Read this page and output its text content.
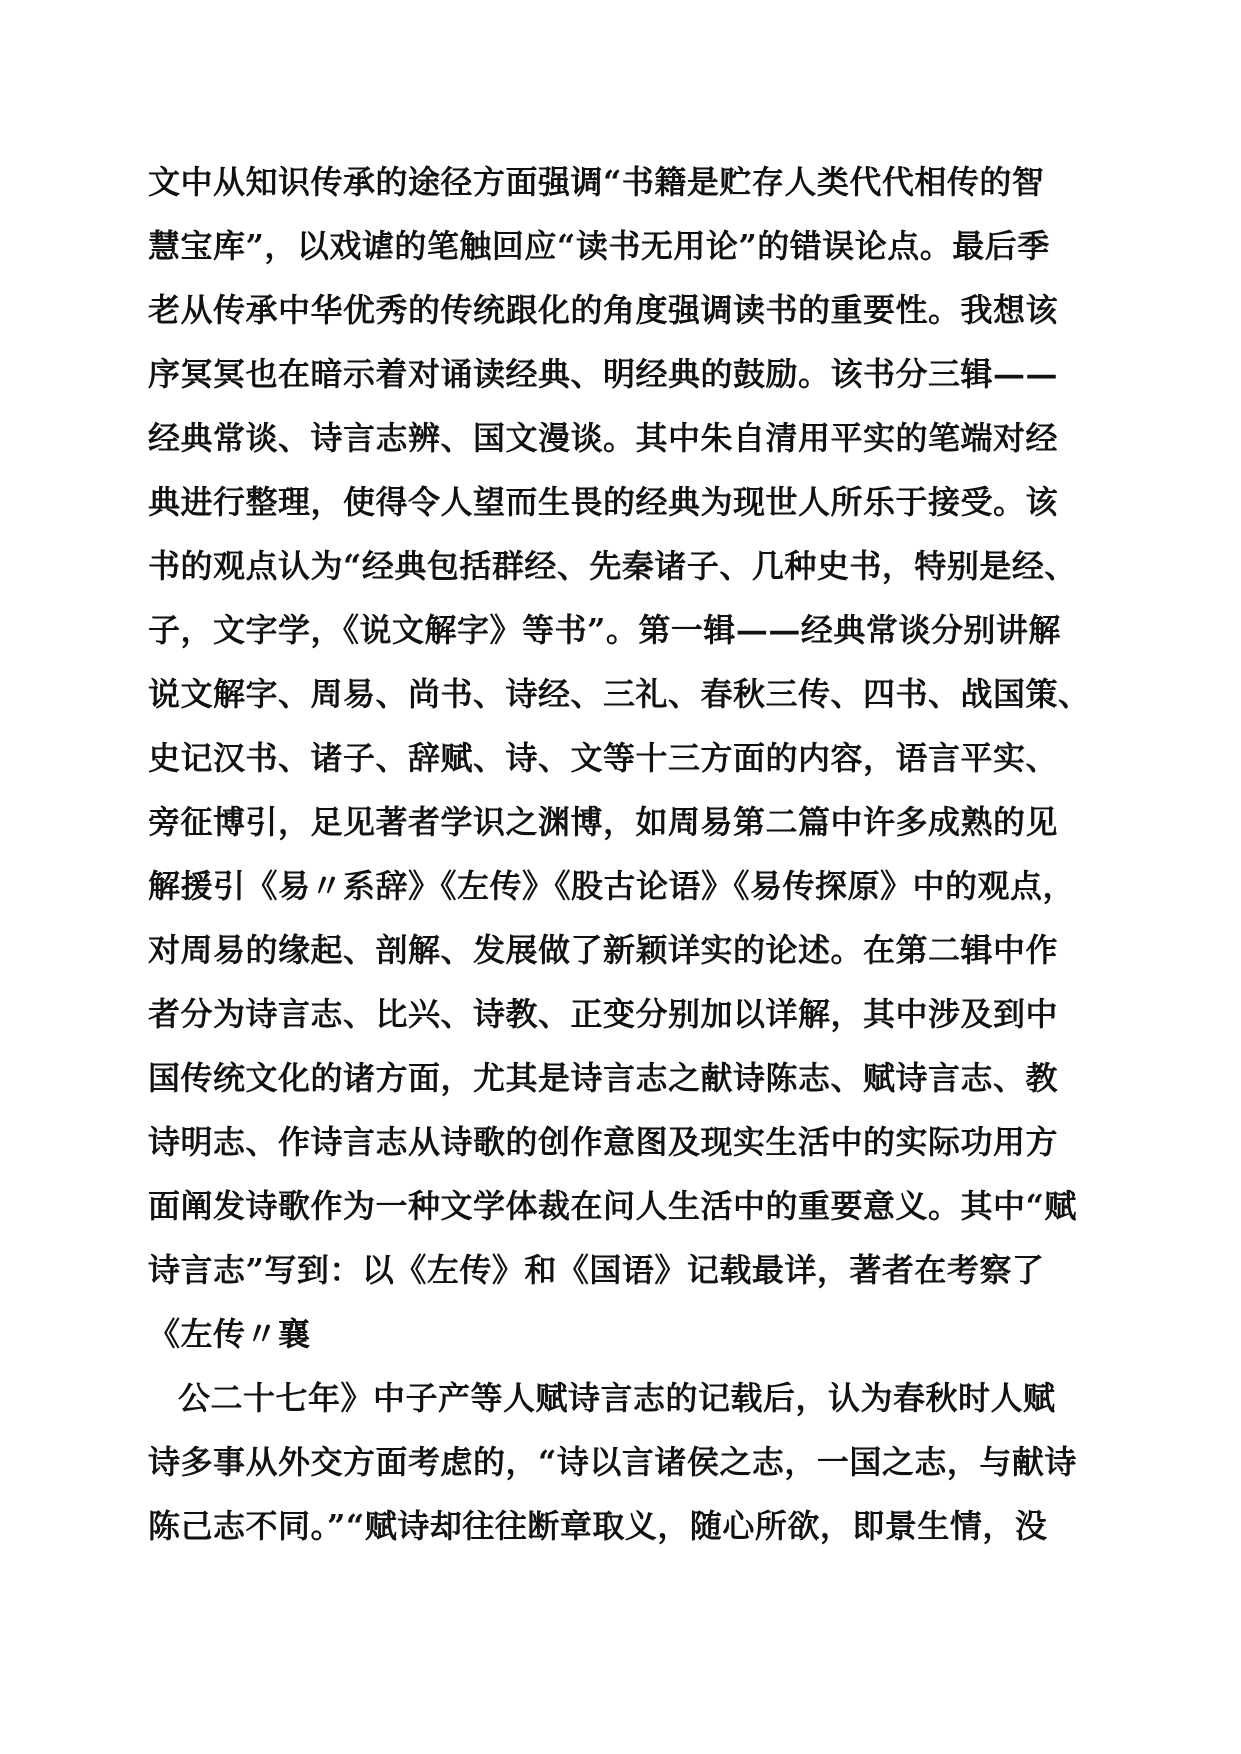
文中从知识传承的途径方面强调“书籍是贮存人类代代相传的智
慧宝库”，以戏谑的笔触回应“读书无用论”的错误论点。最后季
老从传承中华优秀的传统跟化的角度强调读书的重要性。我想该
序冥冥也在暗示着对诵读经典、明经典的鼓励。该书分三辑——
经典常谈、诗言志辨、国文漫谈。其中朱自清用平实的笔端对经
典进行整理，使得令人望而生畏的经典为现世人所乐于接受。该
书的观点认为“经典包括群经、先秦诸子、几种史书，特别是经、
子，文字学，《说文解字》等书”。第一辑——经典常谈分别讲解
说文解字、周易、尚书、诗经、三礼、春秋三传、四书、战国策、
史记汉书、诸子、辞赋、诗、文等十三方面的内容，语言平实、
旁征博引，足见著者学识之渊博，如周易第二篇中许多成熟的见
解援引《易〃系辞》《左传》《股古论语》《易传探原》中的观点，
对周易的缘起、剖解、发展做了新颖详实的论述。在第二辑中作
者分为诗言志、比兴、诗教、正变分别加以详解，其中涉及到中
国传统文化的诸方面，尤其是诗言志之献诗陈志、赋诗言志、教
诗明志、作诗言志从诗歌的创作意图及现实生活中的实际功用方
面阐发诗歌作为一种文学体裁在问人生活中的重要意义。其中“赋
诗言志”写到：以《左传》和《国语》记载最详，著者在考察了
《左传〃襄
公二十七年》中子产等人赋诗言志的记载后，认为春秋时人赋
诗多事从外交方面考虑的，“诗以言诸侯之志，一国之志，与献诗
陈己志不同。”“赋诗却往往断章取义，随心所欲，即景生情，没
